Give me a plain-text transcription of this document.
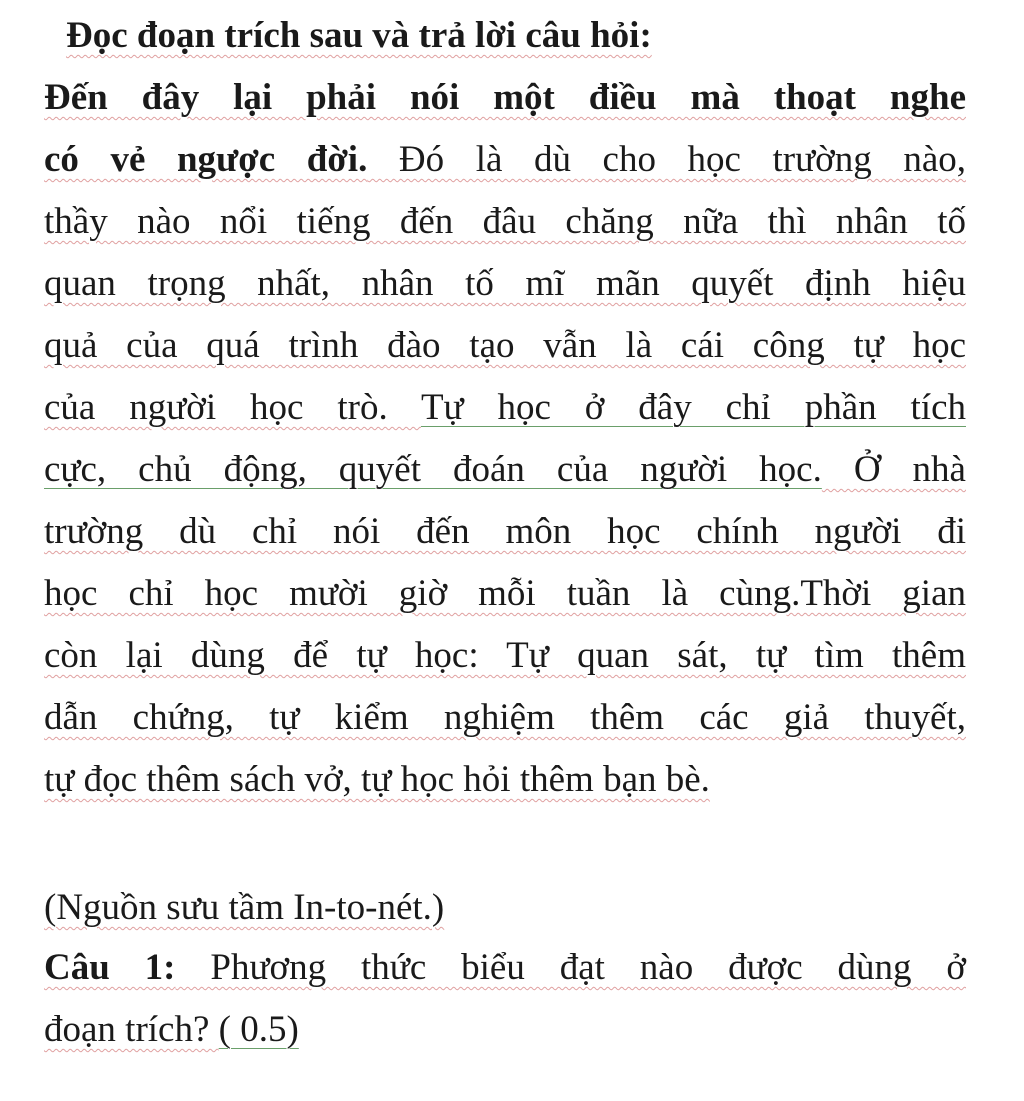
Đọc đoạn trích sau và trả lời câu hỏi:
Đến đây lại phải nói một điều mà thoạt nghe
có vẻ ngược đời. Đó là dù cho học trường nào,
thầy nào nổi tiếng đến đâu chăng nữa thì nhân tố
quan trọng nhất, nhân tố mĩ mãn quyết định hiệu
quả của quá trình đào tạo vẫn là cái công tự học
của người học trò. Tự học ở đây chỉ phần tích
cực, chủ động, quyết đoán của người học. Ở nhà
trường dù chỉ nói đến môn học chính người đi
học chỉ học mười giờ mỗi tuần là cùng.Thời gian
còn lại dùng để tự học: Tự quan sát, tự tìm thêm
dẫn chứng, tự kiểm nghiệm thêm các giả thuyết,
tự đọc thêm sách vở, tự học hỏi thêm bạn bè.
(Nguồn sưu tầm In-to-nét.)
Câu 1: Phương thức biểu đạt nào được dùng ở
đoạn trích? ( 0.5)
